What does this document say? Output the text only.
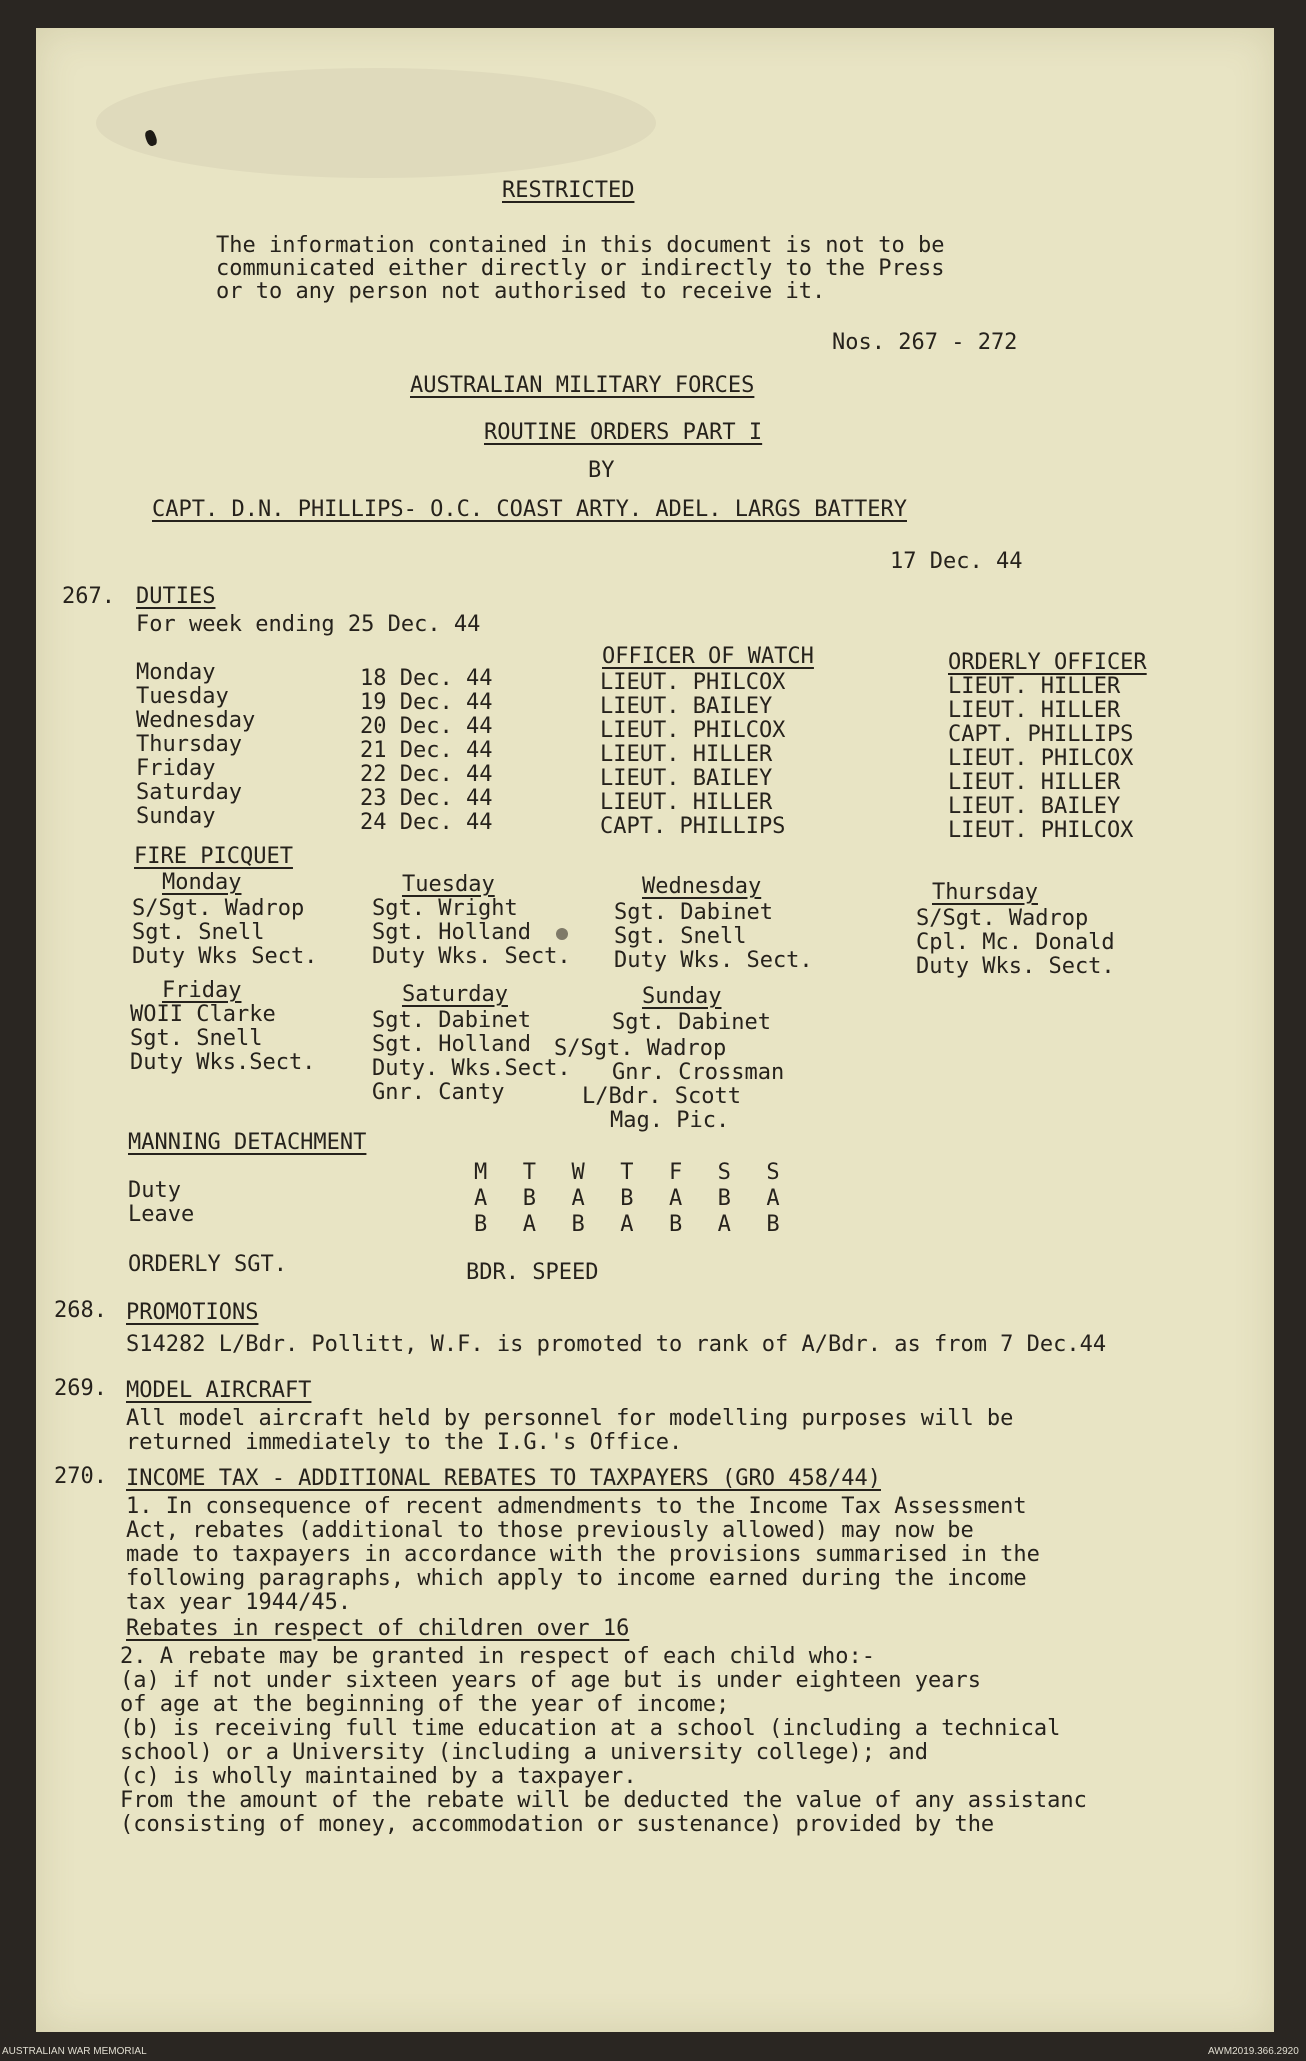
RESTRICTED
The information contained in this document is not to be
communicated either directly or indirectly to the Press
or to any person not authorised to receive it.
Nos. 267 - 272
AUSTRALIAN MILITARY FORCES
ROUTINE ORDERS PART I
BY
CAPT. D.N. PHILLIPS- O.C. COAST ARTY. ADEL. LARGS BATTERY
17 Dec. 44
267. DUTIES
For week ending 25 Dec. 44
OFFICER OF WATCH	ORDERLY OFFICER
Monday	18 Dec. 44	LIEUT. PHILCOX	LIEUT. HILLER
Tuesday	19 Dec. 44	LIEUT. BAILEY	LIEUT. HILLER
Wednesday	20 Dec. 44	LIEUT. PHILCOX	CAPT. PHILLIPS
Thursday	21 Dec. 44	LIEUT. HILLER	LIEUT. PHILCOX
Friday	22 Dec. 44	LIEUT. BAILEY	LIEUT. HILLER
Saturday	23 Dec. 44	LIEUT. HILLER	LIEUT. BAILEY
Sunday	24 Dec. 44	CAPT. PHILLIPS	LIEUT. PHILCOX
FIRE PICQUET
Monday
S/Sgt. Wadrop
Sgt. Snell
Duty Wks Sect.
Tuesday
Sgt. Wright
Sgt. Holland
Duty Wks. Sect.
Wednesday
Sgt. Dabinet
Sgt. Snell
Duty Wks. Sect.
Thursday
S/Sgt. Wadrop
Cpl. Mc. Donald
Duty Wks. Sect.
Friday
WOII Clarke
Sgt. Snell
Duty Wks.Sect.
Saturday
Sgt. Dabinet
Sgt. Holland
Duty. Wks.Sect.
Gnr. Canty
Sunday
Sgt. Dabinet
S/Sgt. Wadrop
Gnr. Crossman
L/Bdr. Scott
Mag. Pic.
MANNING DETACHMENT
M  T  W  T  F  S  S
Duty	A  B  A  B  A  B  A
Leave	B  A  B  A  B  A  B
ORDERLY SGT.	BDR. SPEED
268. PROMOTIONS
S14282 L/Bdr. Pollitt, W.F. is promoted to rank of A/Bdr. as from 7 Dec.44
269. MODEL AIRCRAFT
All model aircraft held by personnel for modelling purposes will be
returned immediately to the I.G.'s Office.
270. INCOME TAX - ADDITIONAL REBATES TO TAXPAYERS (GRO 458/44)
1. In consequence of recent admendments to the Income Tax Assessment
Act, rebates (additional to those previously allowed) may now be
made to taxpayers in accordance with the provisions summarised in the
following paragraphs, which apply to income earned during the income
tax year 1944/45.
Rebates in respect of children over 16
2. A rebate may be granted in respect of each child who:-
(a) if not under sixteen years of age but is under eighteen years
of age at the beginning of the year of income;
(b) is receiving full time education at a school (including a technical
school) or a University (including a university college); and
(c) is wholly maintained by a taxpayer.
From the amount of the rebate will be deducted the value of any assistanc
(consisting of money, accommodation or sustenance) provided by the
AUSTRALIAN WAR MEMORIAL	AWM2019.366.2920
